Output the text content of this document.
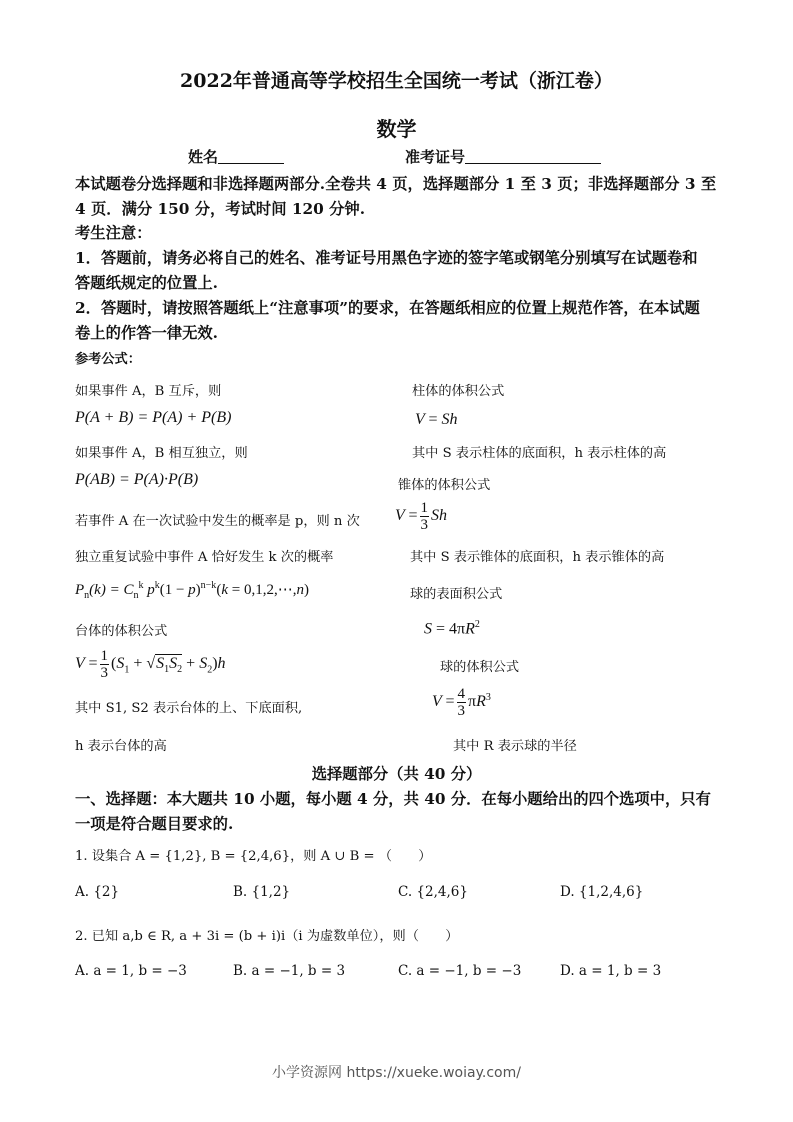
2022年普通高等学校招生全国统一考试（浙江卷）
数学
姓名	准考证号
本试题卷分选择题和非选择题两部分.全卷共 4 页，选择题部分 1 至 3 页；非选择题部分 3 至
4 页．满分 150 分，考试时间 120 分钟.
考生注意：
1．答题前，请务必将自己的姓名、准考证号用黑色字迹的签字笔或钢笔分别填写在试题卷和
答题纸规定的位置上.
2．答题时，请按照答题纸上“注意事项”的要求，在答题纸相应的位置上规范作答，在本试题
卷上的作答一律无效.
参考公式：
如果事件 A，B 互斥，则
P(A + B) = P(A) + P(B)
如果事件 A，B 相互独立，则
P(AB) = P(A)·P(B)
若事件 A 在一次试验中发生的概率是 p，则 n 次
独立重复试验中事件 A 恰好发生 k 次的概率
$P_n(k) = C_n^k$ $p^k(1 - p)^{n-k}(k$ = 0,1,2,⋯,n)
台体的体积公式
$V = \frac{1}{3} (S_1 + √S_1S_2 + S_2)h$
其中 S1, S2 表示台体的上、下底面积,
h 表示台体的高
柱体的体积公式
V = Sh
其中 S 表示柱体的底面积，h 表示柱体的高
锥体的体积公式
$V = \frac{1}{3}$ Sh
其中 S 表示锥体的底面积，h 表示锥体的高
球的表面积公式
$S = 4\pi R^2$
球的体积公式
$V = \frac{4}{3} \pi R^3$
其中 R 表示球的半径
选择题部分（共 40 分）
一、选择题：本大题共 10 小题，每小题 4 分，共 40 分．在每小题给出的四个选项中，只有
一项是符合题目要求的.
1. 设集合 A = {1,2}, B = {2,4,6}，则 A ∪ B = （　　）
A. {2}	B. {1,2}	C. {2,4,6}	D. {1,2,4,6}
2. 已知 a,b ∈ R, a + 3i = (b + i)i（i 为虚数单位），则（　　）
A. a = 1, b = −3	B. a = −1, b = 3	C. a = −1, b = −3	D. a = 1, b = 3
小学资源网 https://xueke.woiay.com/
